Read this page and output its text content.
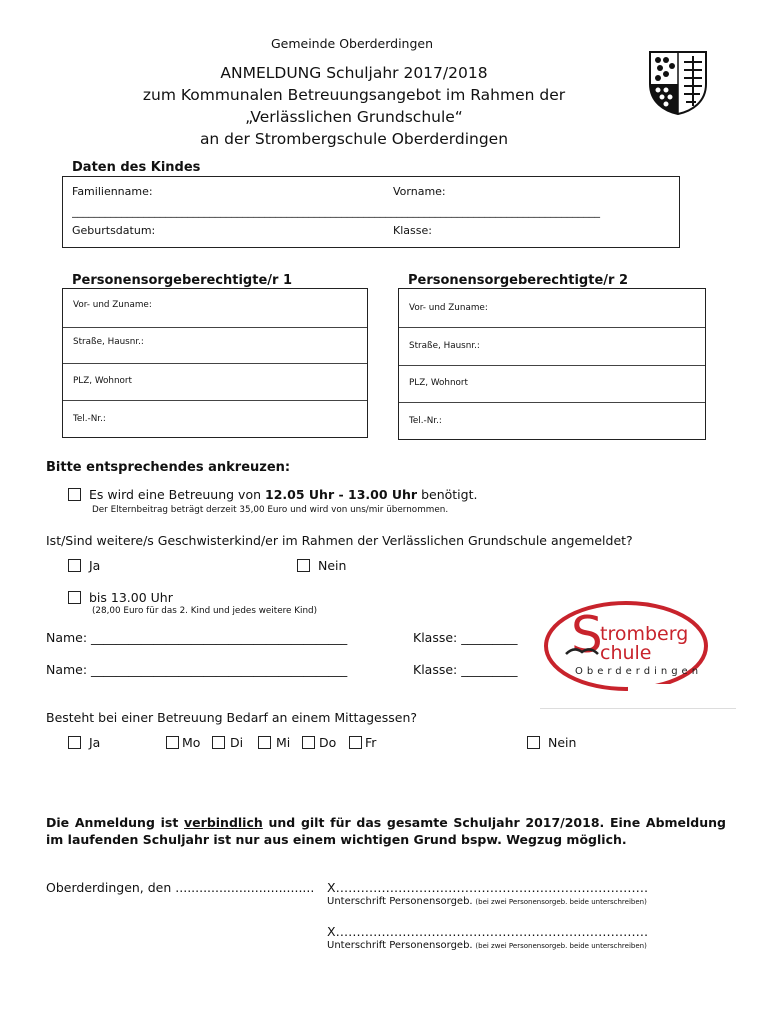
Gemeinde Oberderdingen
ANMELDUNG Schuljahr 2017/2018
zum Kommunalen Betreuungsangebot im Rahmen der
„Verlässlichen Grundschule“
an der Strombergschule Oberderdingen
Daten des Kindes
Familienname:	Vorname:
________________________________________________________________________________________________
Geburtsdatum:	Klasse:
Personensorgeberechtigte/r 1
Vor- und Zuname:
Straße, Hausnr.:
PLZ, Wohnort
Tel.-Nr.:
Personensorgeberechtigte/r 2
Vor- und Zuname:
Straße, Hausnr.:
PLZ, Wohnort
Tel.-Nr.:
Bitte entsprechendes ankreuzen:
Es wird eine Betreuung von 12.05 Uhr - 13.00 Uhr benötigt.
Der Elternbeitrag beträgt derzeit 35,00 Euro und wird von uns/mir übernommen.
Ist/Sind weitere/s Geschwisterkind/er im Rahmen der Verlässlichen Grundschule angemeldet?
Ja	Nein
bis 13.00 Uhr
(28,00 Euro für das 2. Kind und jedes weitere Kind)
Name: _________________________________________	Klasse: _________
Name: _________________________________________	Klasse: _________
S
tromberg
chule
Oberderdingen
Besteht bei einer Betreuung Bedarf an einem Mittagessen?
Ja	Mo	Di	Mi	Do	Fr	Nein
Die Anmeldung ist verbindlich und gilt für das gesamte Schuljahr 2017/2018. Eine Abmeldung im laufenden Schuljahr ist nur aus einem wichtigen Grund bspw. Wegzug möglich.
Oberderdingen, den ................................... X…………………………………………………………………
Unterschrift Personensorgeb. (bei zwei Personensorgeb. beide unterschreiben)
X…………………………………………………………………
Unterschrift Personensorgeb. (bei zwei Personensorgeb. beide unterschreiben)
